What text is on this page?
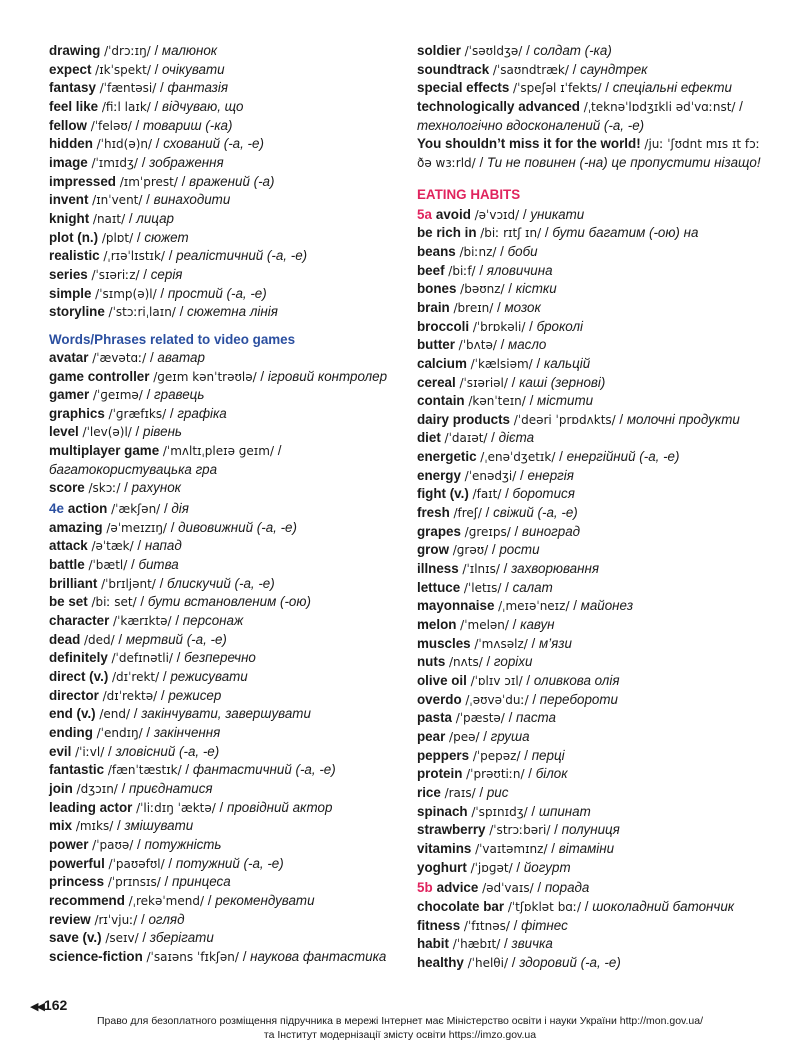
drawing /ˈdrɔːɪŋ/ / малюнок
expect /ɪkˈspekt/ / очікувати
fantasy /ˈfæntəsi/ / фантазія
feel like /fiːl laɪk/ / відчуваю, що
fellow /ˈfeləʊ/ / товариш (-ка)
hidden /ˈhɪd(ə)n/ / схований (-а, -е)
image /ˈɪmɪdʒ/ / зображення
impressed /ɪmˈprest/ / вражений (-а)
invent /ɪnˈvent/ / винаходити
knight /naɪt/ / лицар
plot (n.) /plɒt/ / сюжет
realistic /ˌrɪəˈlɪstɪk/ / реалістичний (-а, -е)
series /ˈsɪəriːz/ / серія
simple /ˈsɪmp(ə)l/ / простий (-а, -е)
storyline /ˈstɔːriˌlaɪn/ / сюжетна лінія
Words/Phrases related to video games
avatar /ˈævətɑː/ / аватар
game controller /ɡeɪm kənˈtrəʊlə/ / ігровий контролер
gamer /ˈɡeɪmə/ / гравець
graphics /ˈɡræfɪks/ / графіка
level /ˈlev(ə)l/ / рівень
multiplayer game /ˈmʌltɪˌpleɪə ɡeɪm/ / багатокористувацька гра
score /skɔː/ / рахунок
4e action /ˈækʃən/ / дія
amazing /əˈmeɪzɪŋ/ / дивовижний (-а, -е)
attack /əˈtæk/ / напад
battle /ˈbætl/ / битва
brilliant /ˈbrɪljənt/ / блискучий (-а, -е)
be set /biː set/ / бути встановленим (-ою)
character /ˈkærɪktə/ / персонаж
dead /ded/ / мертвий (-а, -е)
definitely /ˈdefɪnətli/ / безперечно
direct (v.) /dɪˈrekt/ / режисувати
director /dɪˈrektə/ / режисер
end (v.) /end/ / закінчувати, завершувати
ending /ˈendɪŋ/ / закінчення
evil /ˈiːvl/ / зловісний (-а, -е)
fantastic /fænˈtæstɪk/ / фантастичний (-а, -е)
join /dʒɔɪn/ / приєднатися
leading actor /ˈliːdɪŋ ˈæktə/ / провідний актор
mix /mɪks/ / змішувати
power /ˈpaʊə/ / потужність
powerful /ˈpaʊəfʊl/ / потужний (-а, -е)
princess /ˈprɪnsɪs/ / принцеса
recommend /ˌrekəˈmend/ / рекомендувати
review /rɪˈvjuː/ / огляд
save (v.) /seɪv/ / зберігати
science-fiction /ˈsaɪəns ˈfɪkʃən/ / наукова фантастика
soldier /ˈsəʊldʒə/ / солдат (-ка)
soundtrack /ˈsaʊndtræk/ / саундтрек
special effects /ˈspeʃəl ɪˈfekts/ / спеціальні ефекти
technologically advanced /ˌteknəˈlɒdʒɪkli ədˈvɑːnst/ / технологічно вдосконалений (-а, -е)
You shouldn’t miss it for the world! /juː ˈʃʊdnt mɪs ɪt fɔː ðə wɜːrld/ / Ти не повинен (-на) це пропустити нізащо!
EATING HABITS
5a avoid /əˈvɔɪd/ / уникати
be rich in /biː rɪtʃ ɪn/ / бути багатим (-ою) на
beans /biːnz/ / боби
beef /biːf/ / яловичина
bones /bəʊnz/ / кістки
brain /breɪn/ / мозок
broccoli /ˈbrɒkəli/ / броколі
butter /ˈbʌtə/ / масло
calcium /ˈkælsiəm/ / кальцій
cereal /ˈsɪəriəl/ / каші (зернові)
contain /kənˈteɪn/ / містити
dairy products /ˈdeəri ˈprɒdʌkts/ / молочні продукти
diet /ˈdaɪət/ / дієта
energetic /ˌenəˈdʒetɪk/ / енергійний (-а, -е)
energy /ˈenədʒi/ / енергія
fight (v.) /faɪt/ / боротися
fresh /freʃ/ / свіжий (-а, -е)
grapes /ɡreɪps/ / виноград
grow /ɡrəʊ/ / рости
illness /ˈɪlnɪs/ / захворювання
lettuce /ˈletɪs/ / салат
mayonnaise /ˌmeɪəˈneɪz/ / майонез
melon /ˈmelən/ / кавун
muscles /ˈmʌsəlz/ / м’язи
nuts /nʌts/ / горіхи
olive oil /ˈɒlɪv ɔɪl/ / оливкова олія
overdo /ˌəʊvəˈduː/ / переборoти
pasta /ˈpæstə/ / паста
pear /peə/ / груша
peppers /ˈpepəz/ / перці
protein /ˈprəʊtiːn/ / білок
rice /raɪs/ / рис
spinach /ˈspɪnɪdʒ/ / шпинат
strawberry /ˈstrɔːbəri/ / полуниця
vitamins /ˈvaɪtəmɪnz/ / вітаміни
yoghurt /ˈjɒɡət/ / йогурт
5b advice /ədˈvaɪs/ / порада
chocolate bar /ˈtʃɒklət bɑː/ / шоколадний батончик
fitness /ˈfɪtnəs/ / фітнес
habit /ˈhæbɪt/ / звичка
healthy /ˈhelθi/ / здоровий (-а, -е)
◀◀162
Право для безоплатного розміщення підручника в мережі Інтернет має Міністерство освіти і науки України http://mon.gov.ua/
та Інститут модернізації змісту освіти https://imzo.gov.ua
